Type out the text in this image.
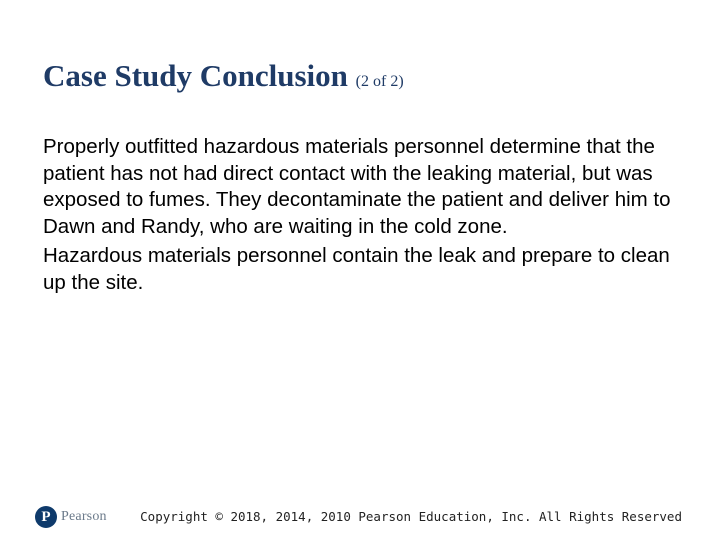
Case Study Conclusion (2 of 2)

Properly outfitted hazardous materials personnel determine that the patient has not had direct contact with the leaking material, but was exposed to fumes. They decontaminate the patient and deliver him to Dawn and Randy, who are waiting in the cold zone.

Hazardous materials personnel contain the leak and prepare to clean up the site.

P Pearson	Copyright © 2018, 2014, 2010 Pearson Education, Inc. All Rights Reserved
